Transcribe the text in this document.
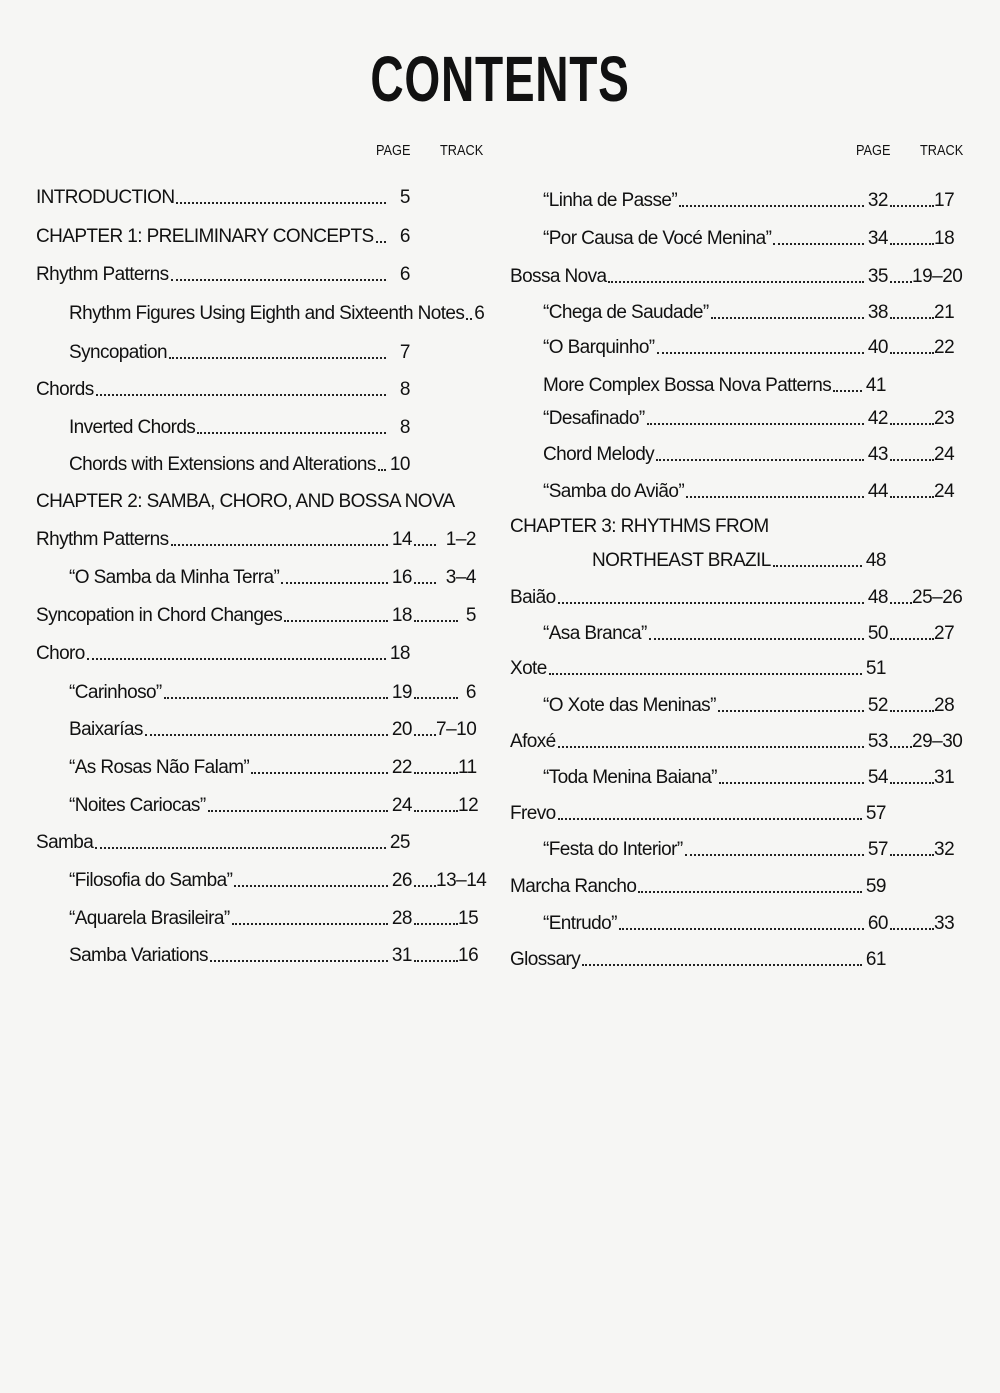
CONTENTS
PAGE TRACK
INTRODUCTION	5
CHAPTER 1: PRELIMINARY CONCEPTS	6
Rhythm Patterns	6
Rhythm Figures Using Eighth and Sixteenth Notes 6
Syncopation	7
Chords	8
Inverted Chords	8
Chords with Extensions and Alterations 10
CHAPTER 2: SAMBA, CHORO, AND BOSSA NOVA
Rhythm Patterns	14	1–2
“O Samba da Minha Terra”	16	3–4
Syncopation in Chord Changes	18	5
Choro	18
“Carinhoso”	19	6
Baixarías	20 7–10
“As Rosas Não Falam”	22 11
“Noites Cariocas”	24 12
Samba	25
“Filosofia do Samba”	26 13–14
“Aquarela Brasileira”	28 15
Samba Variations	31 16
PAGE TRACK
“Linha de Passe”	32 17
“Por Causa de Vocé Menina”	34 18
Bossa Nova	35 19–20
“Chega de Saudade”	38 21
“O Barquinho”	40 22
More Complex Bossa Nova Patterns 41
“Desafinado”	42 23
Chord Melody	43 24
“Samba do Avião”	44 24
CHAPTER 3: RHYTHMS FROM
NORTHEAST BRAZIL	48
Baião	48 25–26
“Asa Branca”	50 27
Xote	51
“O Xote das Meninas”	52 28
Afoxé	53 29–30
“Toda Menina Baiana”	54 31
Frevo	57
“Festa do Interior”	57 32
Marcha Rancho	59
“Entrudo”	60 33
Glossary	61
